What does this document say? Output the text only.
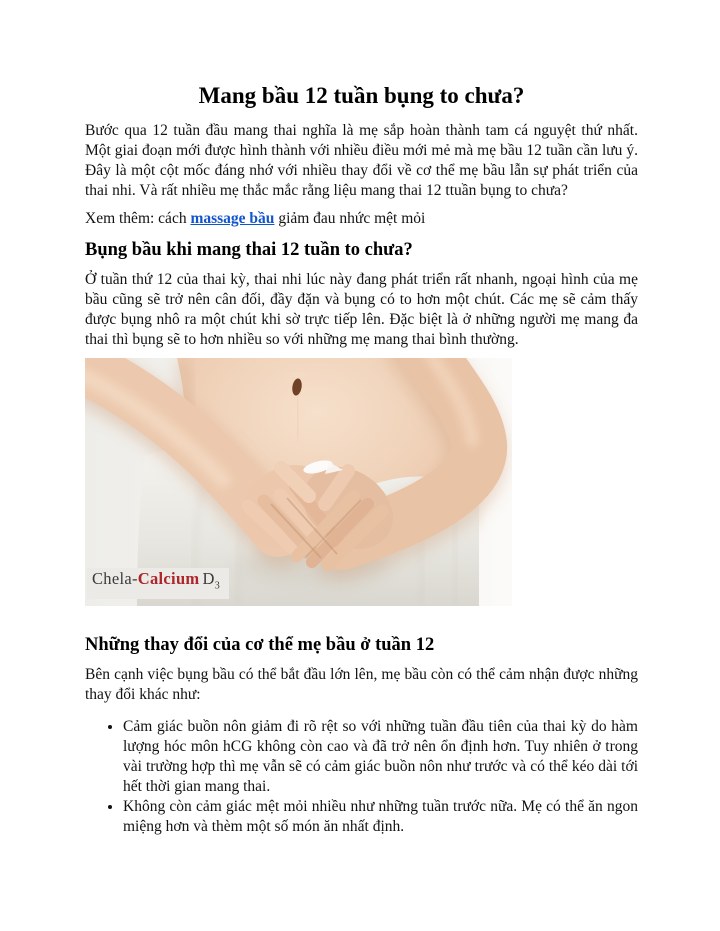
Mang bầu 12 tuần bụng to chưa?

Bước qua 12 tuần đầu mang thai nghĩa là mẹ sắp hoàn thành tam cá nguyệt thứ nhất. Một giai đoạn mới được hình thành với nhiều điều mới mẻ mà mẹ bầu 12 tuần cần lưu ý. Đây là một cột mốc đáng nhớ với nhiều thay đổi về cơ thể mẹ bầu lẫn sự phát triển của thai nhi. Và rất nhiều mẹ thắc mắc rằng liệu mang thai 12 ttuần bụng to chưa?

Xem thêm: cách massage bầu giảm đau nhức mệt mỏi

Bụng bầu khi mang thai 12 tuần to chưa?

Ở tuần thứ 12 của thai kỳ, thai nhi lúc này đang phát triển rất nhanh, ngoại hình của mẹ bầu cũng sẽ trở nên cân đối, đầy đặn và bụng có to hơn một chút. Các mẹ sẽ cảm thấy được bụng nhô ra một chút khi sờ trực tiếp lên. Đặc biệt là ở những người mẹ mang đa thai thì bụng sẽ to hơn nhiều so với những mẹ mang thai bình thường.

Chela-Calcium $D_3$
Những thay đổi của cơ thể mẹ bầu ở tuần 12

Bên cạnh việc bụng bầu có thể bắt đầu lớn lên, mẹ bầu còn có thể cảm nhận được những thay đổi khác như:

• Cảm giác buồn nôn giảm đi rõ rệt so với những tuần đầu tiên của thai kỳ do hàm lượng hóc môn hCG không còn cao và đã trở nên ổn định hơn. Tuy nhiên ở trong vài trường hợp thì mẹ vẫn sẽ có cảm giác buồn nôn như trước và có thể kéo dài tới hết thời gian mang thai.
• Không còn cảm giác mệt mỏi nhiều như những tuần trước nữa. Mẹ có thể ăn ngon miệng hơn và thèm một số món ăn nhất định.
